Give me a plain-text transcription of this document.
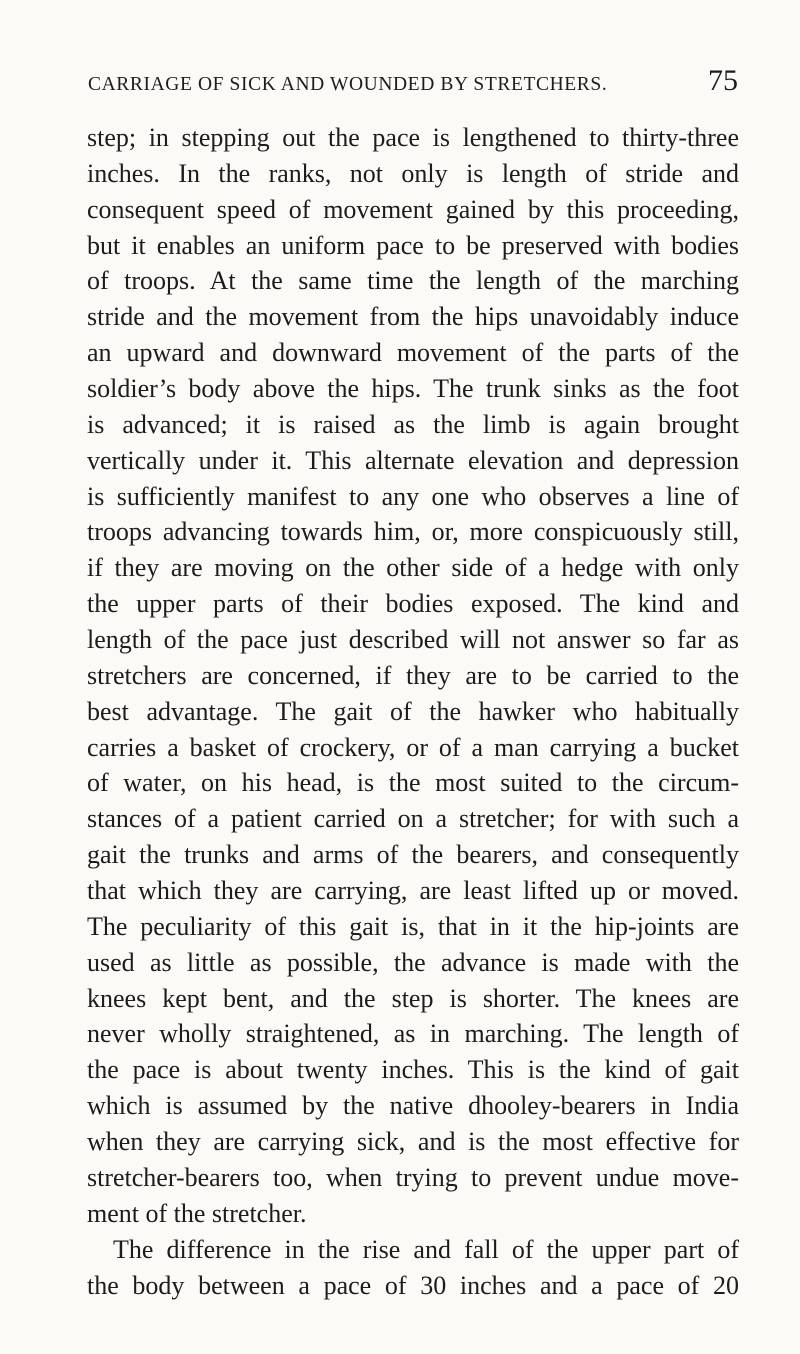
CARRIAGE OF SICK AND WOUNDED BY STRETCHERS.	75
step; in stepping out the pace is lengthened to thirty-three
inches. In the ranks, not only is length of stride and
consequent speed of movement gained by this proceeding,
but it enables an uniform pace to be preserved with bodies
of troops. At the same time the length of the marching
stride and the movement from the hips unavoidably induce
an upward and downward movement of the parts of the
soldier’s body above the hips. The trunk sinks as the foot
is advanced; it is raised as the limb is again brought
vertically under it. This alternate elevation and depression
is sufficiently manifest to any one who observes a line of
troops advancing towards him, or, more conspicuously still,
if they are moving on the other side of a hedge with only
the upper parts of their bodies exposed. The kind and
length of the pace just described will not answer so far as
stretchers are concerned, if they are to be carried to the
best advantage. The gait of the hawker who habitually
carries a basket of crockery, or of a man carrying a bucket
of water, on his head, is the most suited to the circum-
stances of a patient carried on a stretcher; for with such a
gait the trunks and arms of the bearers, and consequently
that which they are carrying, are least lifted up or moved.
The peculiarity of this gait is, that in it the hip-joints are
used as little as possible, the advance is made with the
knees kept bent, and the step is shorter. The knees are
never wholly straightened, as in marching. The length of
the pace is about twenty inches. This is the kind of gait
which is assumed by the native dhooley-bearers in India
when they are carrying sick, and is the most effective for
stretcher-bearers too, when trying to prevent undue move-
ment of the stretcher.
The difference in the rise and fall of the upper part of
the body between a pace of 30 inches and a pace of 20
